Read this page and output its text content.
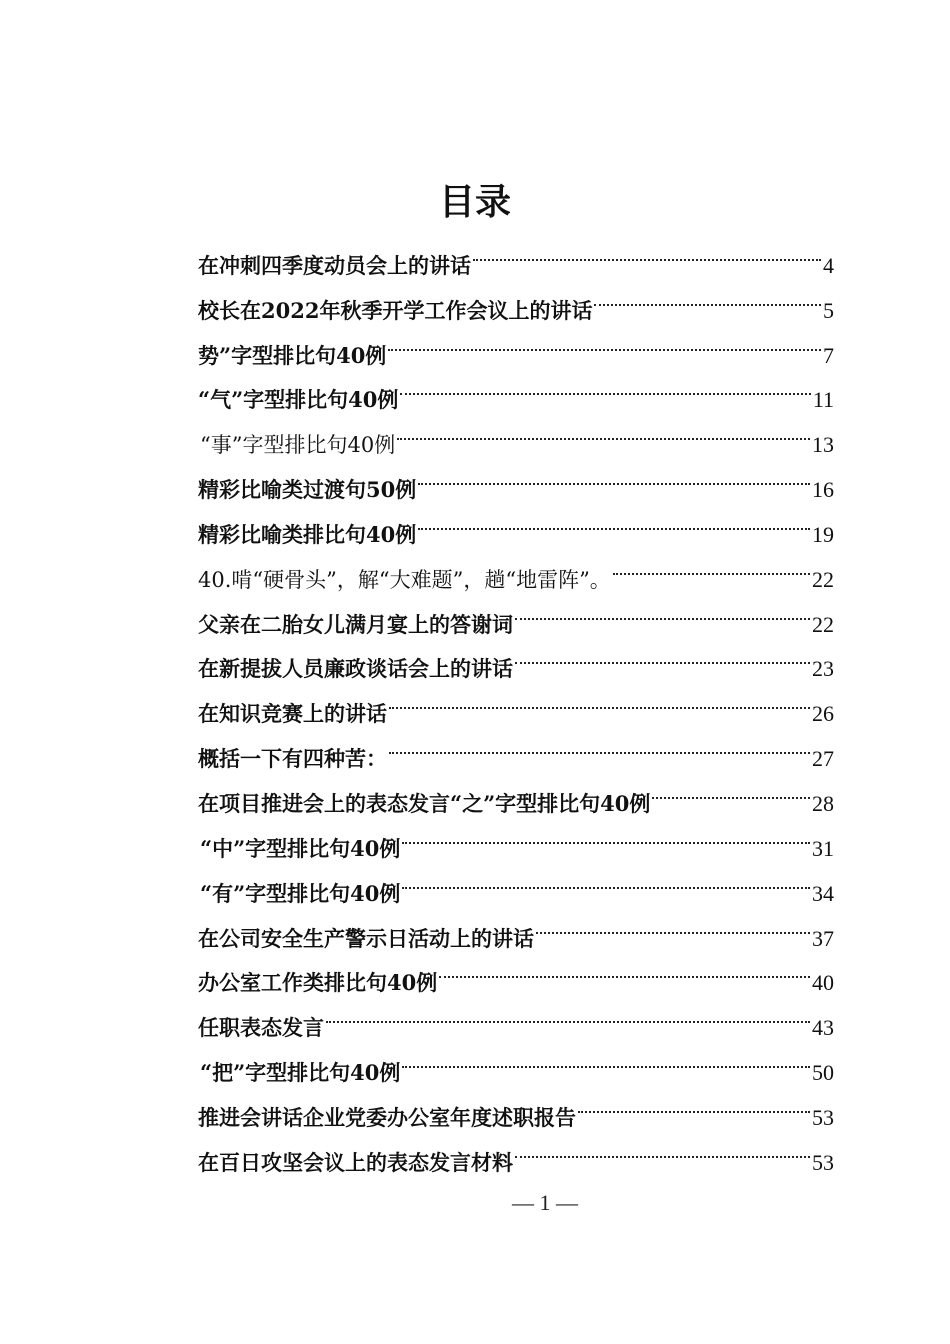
目录
在冲刺四季度动员会上的讲话	4
校长在2022年秋季开学工作会议上的讲话	5
势”字型排比句40例	7
“气”字型排比句40例	11
“事”字型排比句40例	13
精彩比喻类过渡句50例	16
精彩比喻类排比句40例	19
40.啃“硬骨头”，解“大难题”，趟“地雷阵”。	22
父亲在二胎女儿满月宴上的答谢词	22
在新提拔人员廉政谈话会上的讲话	23
在知识竞赛上的讲话	26
概括一下有四种苦：	27
在项目推进会上的表态发言“之”字型排比句40例	28
“中”字型排比句40例	31
“有”字型排比句40例	34
在公司安全生产警示日活动上的讲话	37
办公室工作类排比句40例	40
任职表态发言	43
“把”字型排比句40例	50
推进会讲话企业党委办公室年度述职报告	53
在百日攻坚会议上的表态发言材料	53
— 1 —
